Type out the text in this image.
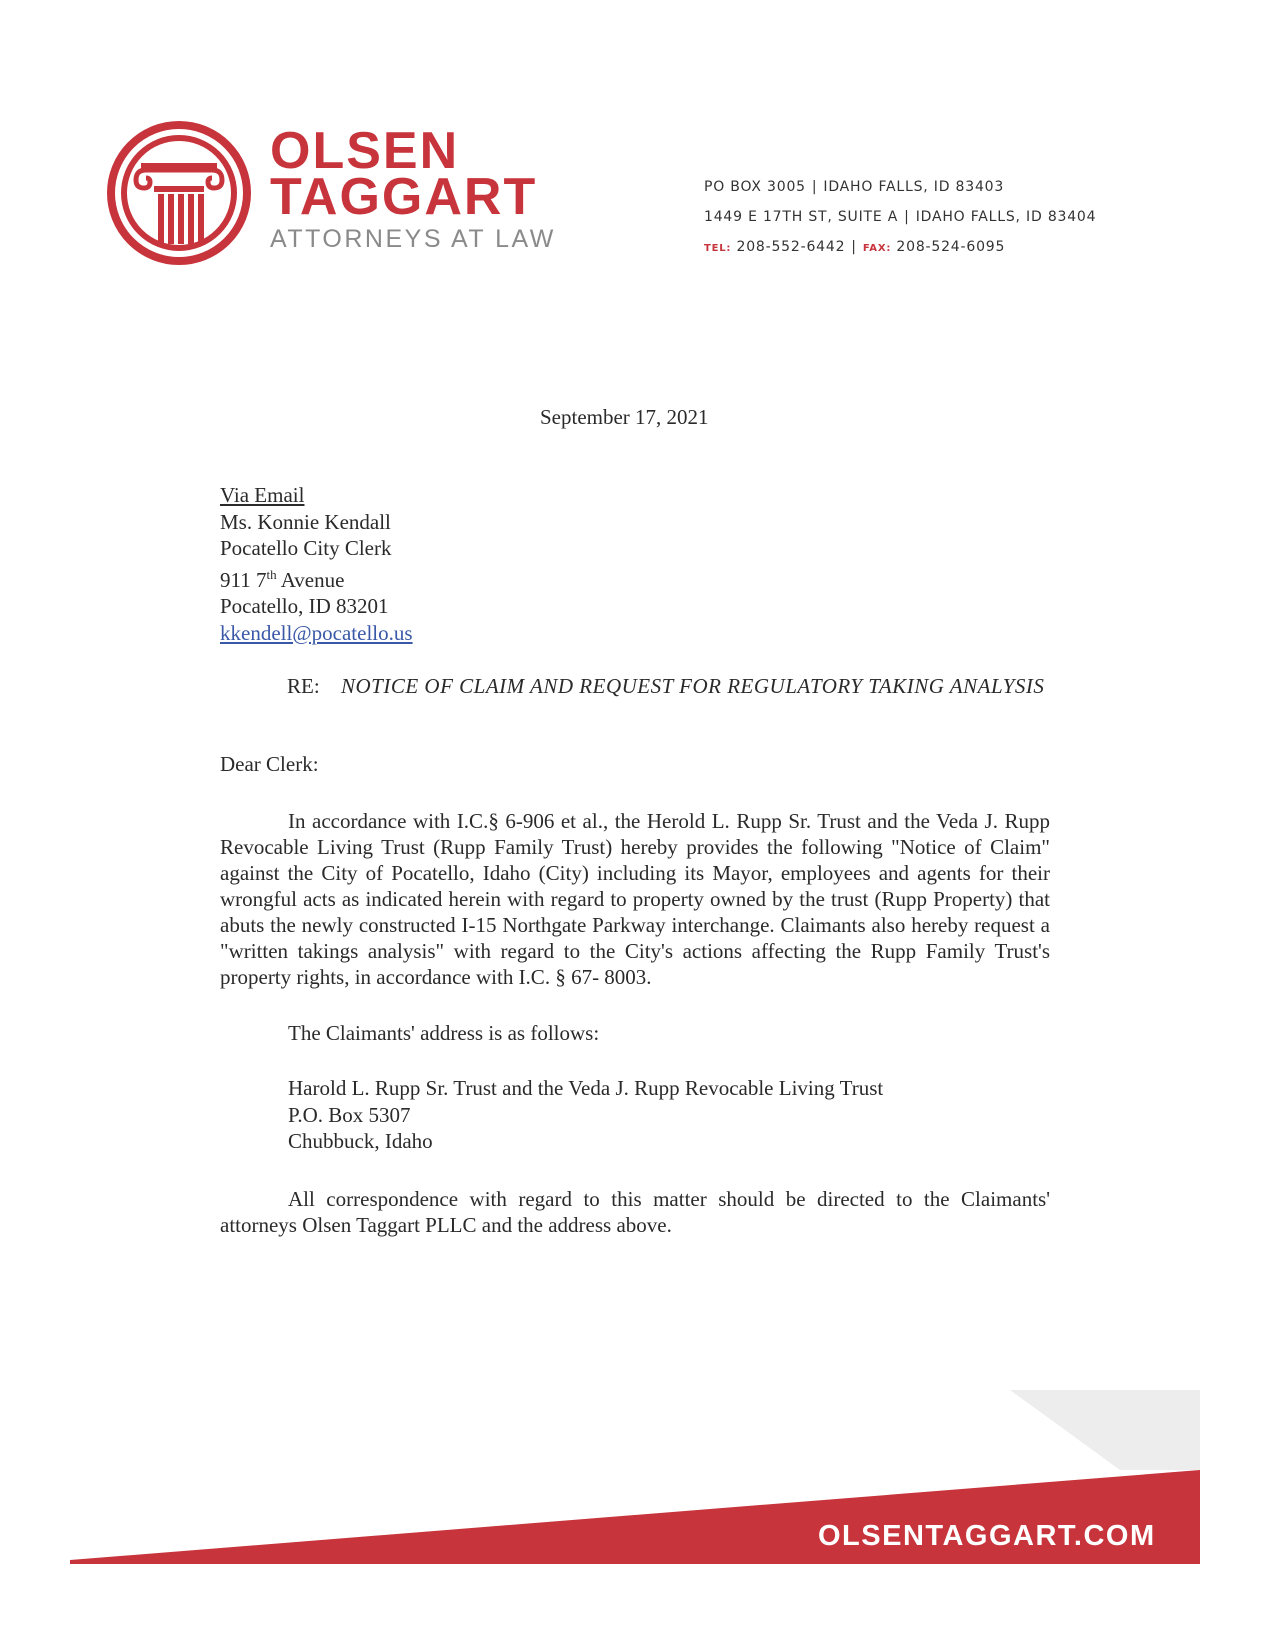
OLSEN
TAGGART
ATTORNEYS AT LAW
PO BOX 3005 | IDAHO FALLS, ID 83403
1449 E 17TH ST, SUITE A | IDAHO FALLS, ID 83404
TEL: 208-552-6442 | FAX: 208-524-6095
September 17, 2021
Via Email
Ms. Konnie Kendall
Pocatello City Clerk
911 7th Avenue
Pocatello, ID 83201
kkendell@pocatello.us
RE: NOTICE OF CLAIM AND REQUEST FOR REGULATORY TAKING ANALYSIS
Dear Clerk:
In accordance with I.C.§ 6-906 et al., the Herold L. Rupp Sr. Trust and the Veda J. Rupp Revocable Living Trust (Rupp Family Trust) hereby provides the following "Notice of Claim" against the City of Pocatello, Idaho (City) including its Mayor, employees and agents for their wrongful acts as indicated herein with regard to property owned by the trust (Rupp Property) that abuts the newly constructed I-15 Northgate Parkway interchange. Claimants also hereby request a "written takings analysis" with regard to the City's actions affecting the Rupp Family Trust's property rights, in accordance with I.C. § 67- 8003.
The Claimants' address is as follows:
Harold L. Rupp Sr. Trust and the Veda J. Rupp Revocable Living Trust
P.O. Box 5307
Chubbuck, Idaho
All correspondence with regard to this matter should be directed to the Claimants' attorneys Olsen Taggart PLLC and the address above.
OLSENTAGGART.COM
